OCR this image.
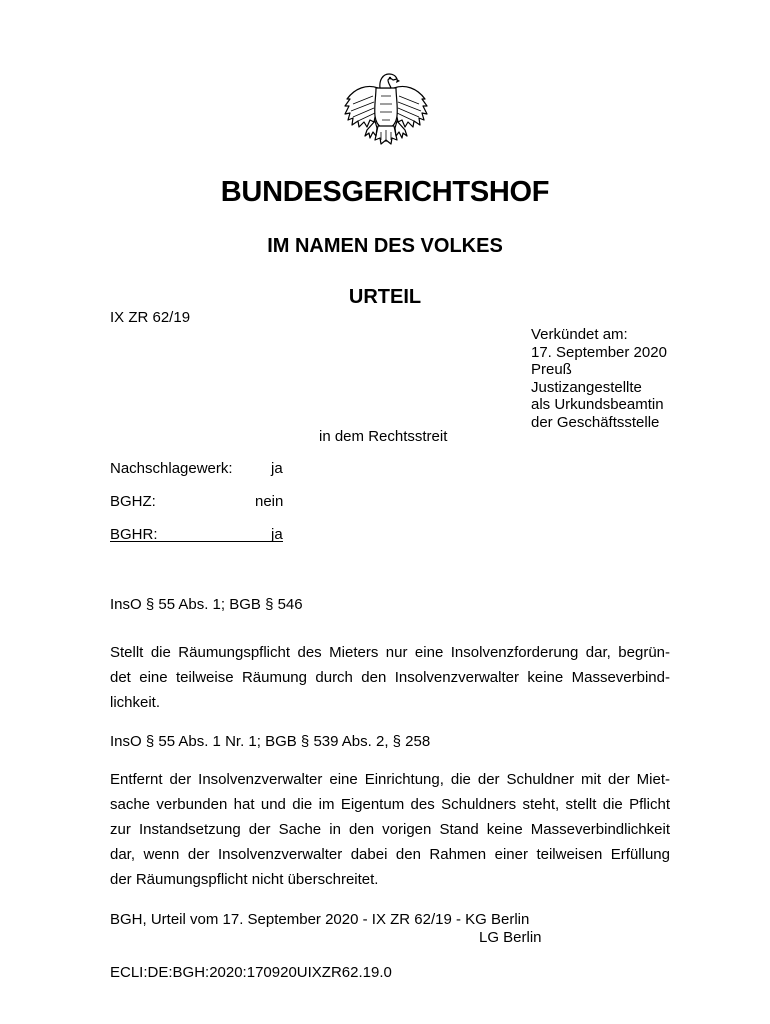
BUNDESGERICHTSHOF
IM NAMEN DES VOLKES
URTEIL
IX ZR 62/19
Verkündet am:
17. September 2020
Preuß
Justizangestellte
als Urkundsbeamtin
der Geschäftsstelle
in dem Rechtsstreit
Nachschlagewerk:	ja
BGHZ:	nein
BGHR:	ja
InsO § 55 Abs. 1; BGB § 546
Stellt die Räumungspflicht des Mieters nur eine Insolvenzforderung dar, begrün-
det eine teilweise Räumung durch den Insolvenzverwalter keine Masseverbind-
lichkeit.
InsO § 55 Abs. 1 Nr. 1; BGB § 539 Abs. 2, § 258
Entfernt der Insolvenzverwalter eine Einrichtung, die der Schuldner mit der Miet-
sache verbunden hat und die im Eigentum des Schuldners steht, stellt die Pflicht
zur Instandsetzung der Sache in den vorigen Stand keine Masseverbindlichkeit
dar, wenn der Insolvenzverwalter dabei den Rahmen einer teilweisen Erfüllung
der Räumungspflicht nicht überschreitet.
BGH, Urteil vom 17. September 2020 - IX ZR 62/19 - KG Berlin
LG Berlin
ECLI:DE:BGH:2020:170920UIXZR62.19.0
